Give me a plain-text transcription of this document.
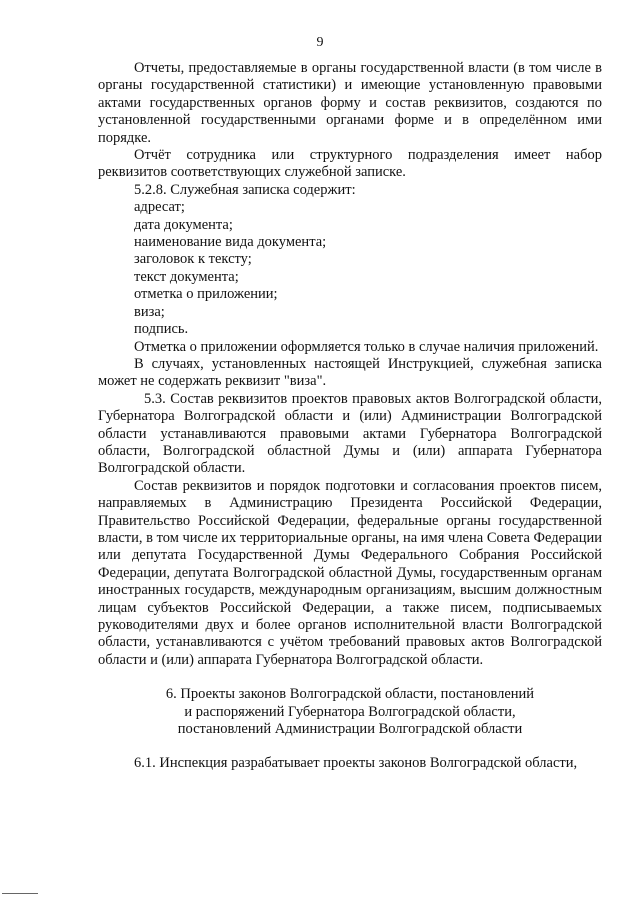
9

Отчеты, предоставляемые в органы государственной власти (в том числе в органы государственной статистики) и имеющие установленную правовыми актами государственных органов форму и состав реквизитов, создаются по установленной государственными органами форме и в определённом ими порядке.

Отчёт сотрудника или структурного подразделения имеет набор реквизитов соответствующих служебной записке.

5.2.8. Служебная записка содержит:

адресат;

дата документа;

наименование вида документа;

заголовок к тексту;

текст документа;

отметка о приложении;

виза;

подпись.

Отметка о приложении оформляется только в случае наличия приложений.

В случаях, установленных настоящей Инструкцией, служебная записка может не содержать реквизит "виза".

5.3. Состав реквизитов проектов правовых актов Волгоградской области, Губернатора Волгоградской области и (или) Администрации Волгоградской области устанавливаются правовыми актами Губернатора Волгоградской области, Волгоградской областной Думы и (или) аппарата Губернатора Волгоградской области.

Состав реквизитов и порядок подготовки и согласования проектов писем, направляемых в Администрацию Президента Российской Федерации, Правительство Российской Федерации, федеральные органы государственной власти, в том числе их территориальные органы, на имя члена Совета Федерации или депутата Государственной Думы Федерального Собрания Российской Федерации, депутата Волгоградской областной Думы, государственным органам иностранных государств, международным организациям, высшим должностным лицам субъектов Российской Федерации, а также писем, подписываемых руководителями двух и более органов исполнительной власти Волгоградской области, устанавливаются с учётом требований правовых актов Волгоградской области и (или) аппарата Губернатора Волгоградской области.

6. Проекты законов Волгоградской области, постановлений
и распоряжений Губернатора Волгоградской области,
постановлений Администрации Волгоградской области

6.1. Инспекция разрабатывает проекты законов Волгоградской области,
